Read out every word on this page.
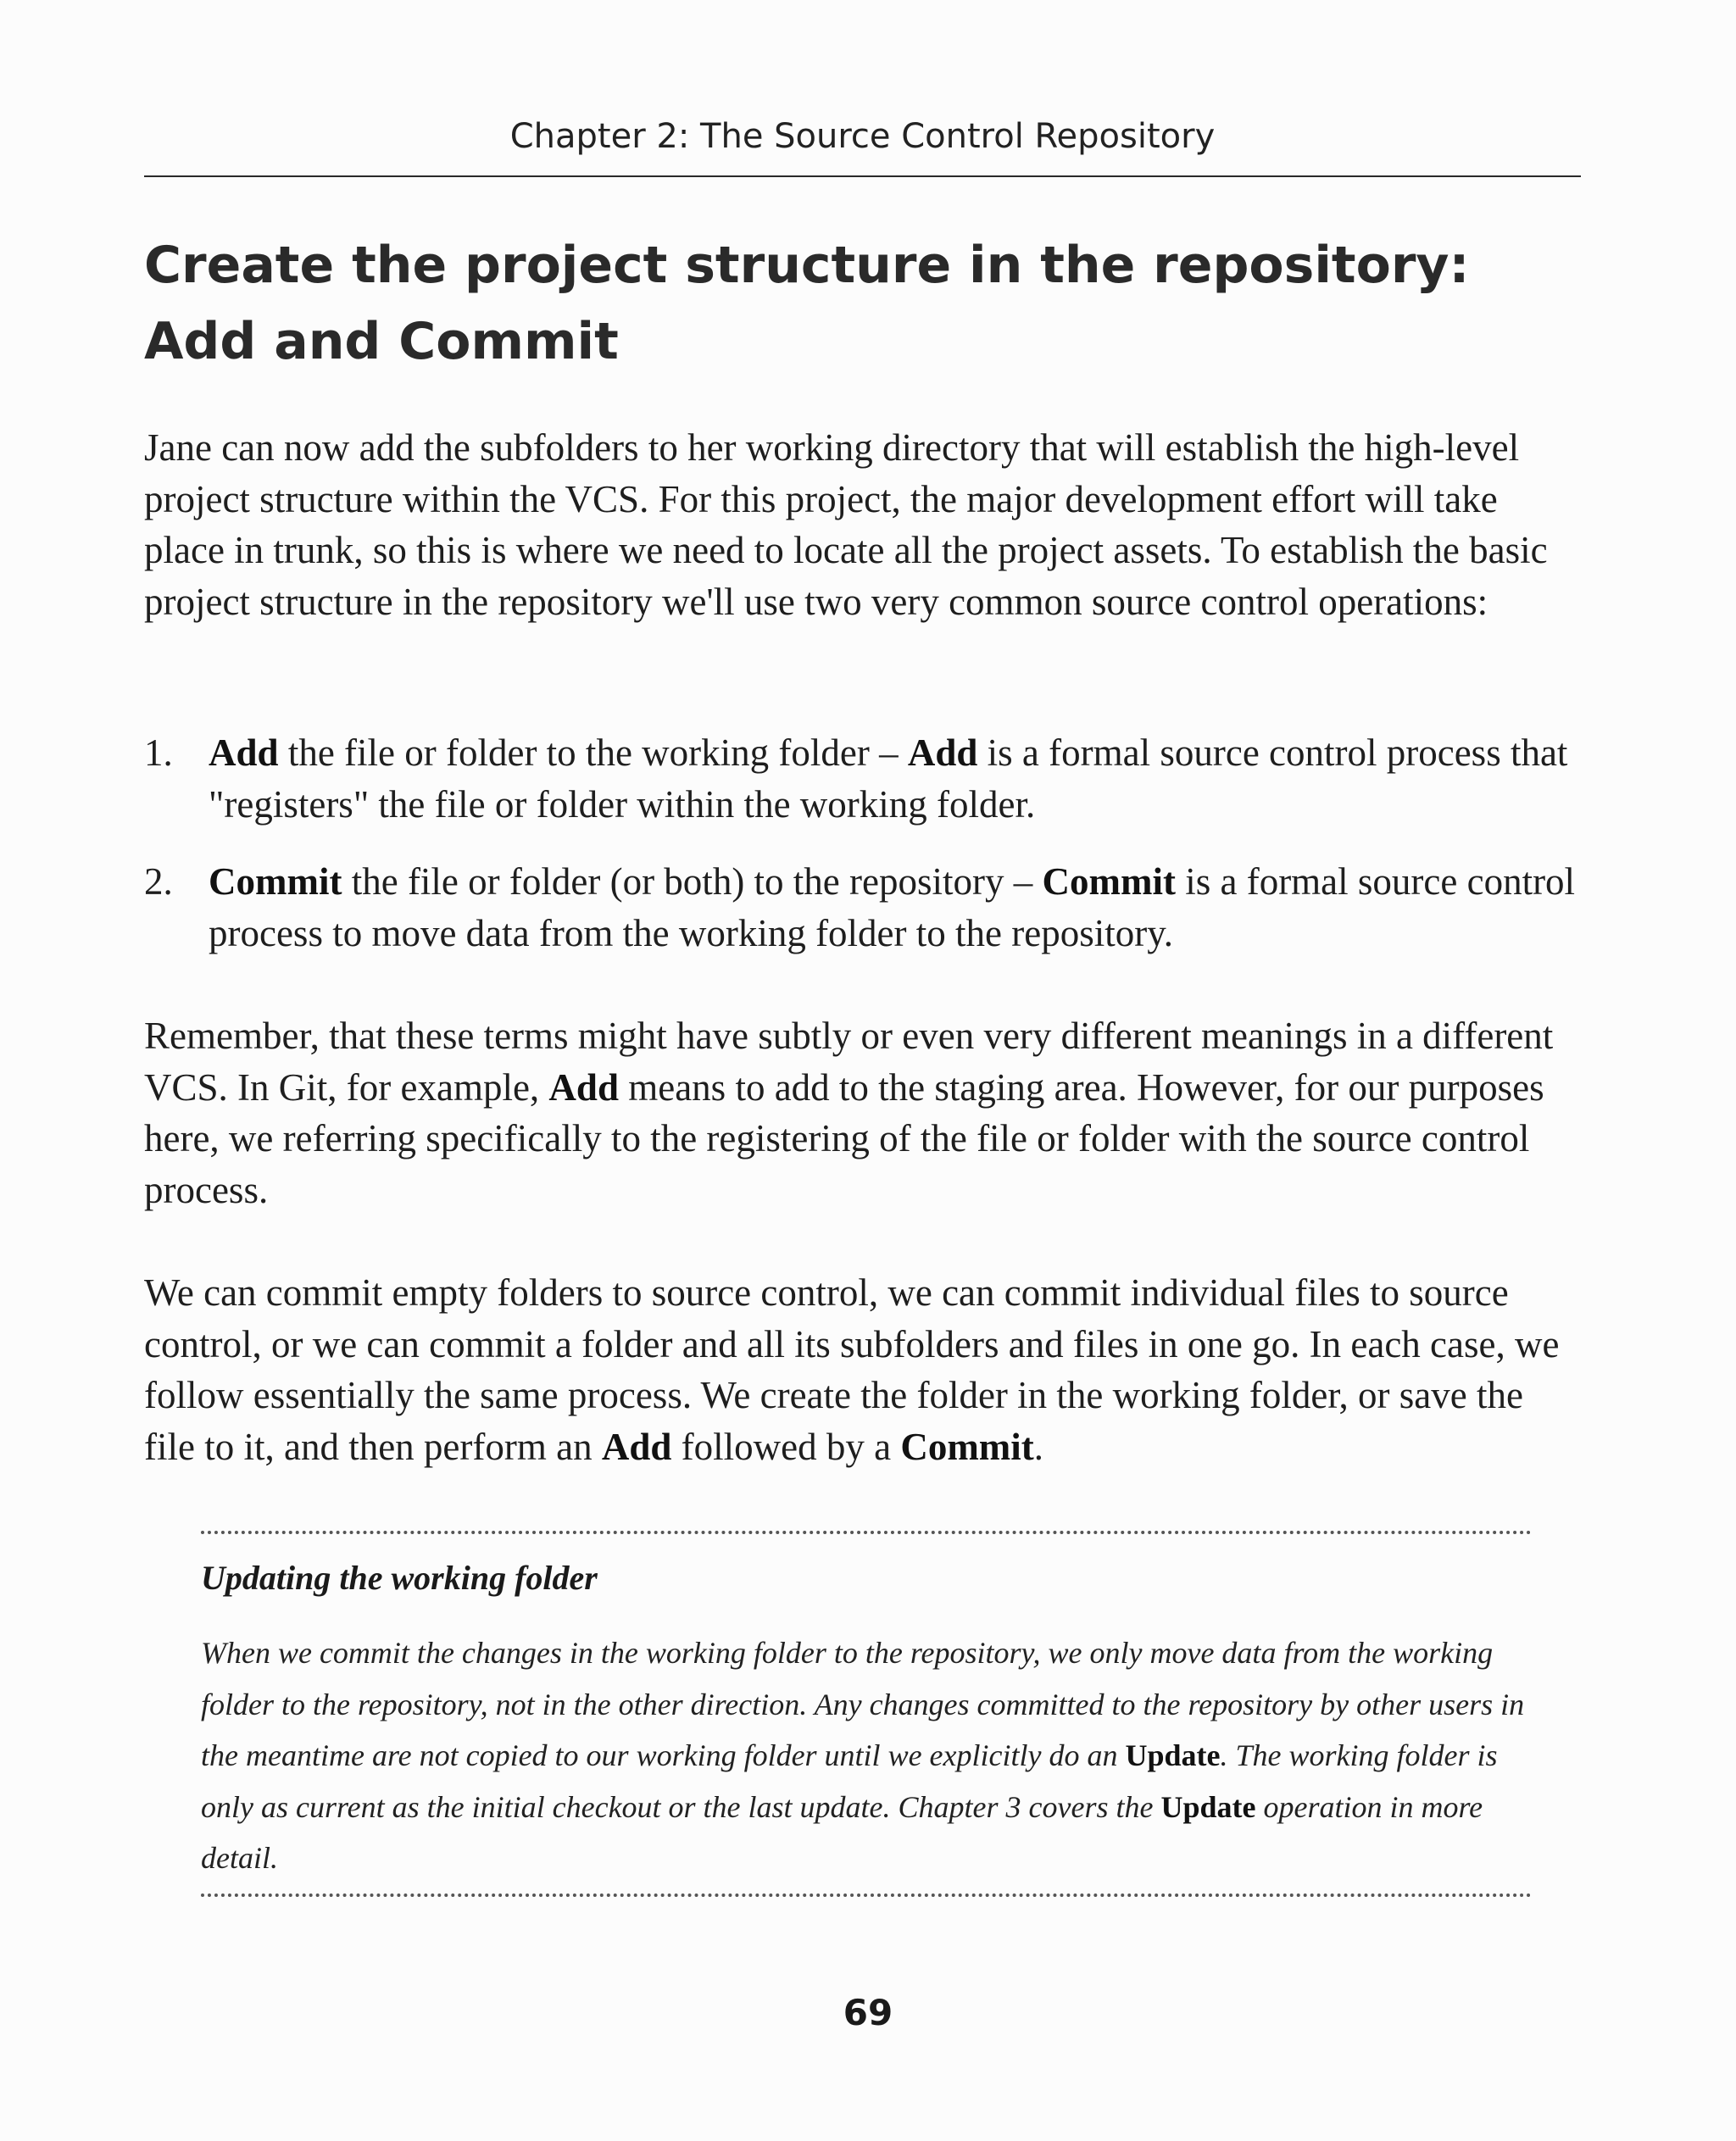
Chapter 2: The Source Control Repository
Create the project structure in the repository:
Add and Commit

Jane can now add the subfolders to her working directory that will establish the high-level project structure within the VCS. For this project, the major development effort will take place in trunk, so this is where we need to locate all the project assets. To establish the basic project structure in the repository we'll use two very common source control operations:

1. Add the file or folder to the working folder – Add is a formal source control process that "registers" the file or folder within the working folder.
2. Commit the file or folder (or both) to the repository – Commit is a formal source control process to move data from the working folder to the repository.

Remember, that these terms might have subtly or even very different meanings in a different VCS. In Git, for example, Add means to add to the staging area. However, for our purposes here, we referring specifically to the registering of the file or folder with the source control process.

We can commit empty folders to source control, we can commit individual files to source control, or we can commit a folder and all its subfolders and files in one go. In each case, we follow essentially the same process. We create the folder in the working folder, or save the file to it, and then perform an Add followed by a Commit.

Updating the working folder
When we commit the changes in the working folder to the repository, we only move data from the working folder to the repository, not in the other direction. Any changes committed to the repository by other users in the meantime are not copied to our working folder until we explicitly do an Update. The working folder is only as current as the initial checkout or the last update. Chapter 3 covers the Update operation in more detail.
69
